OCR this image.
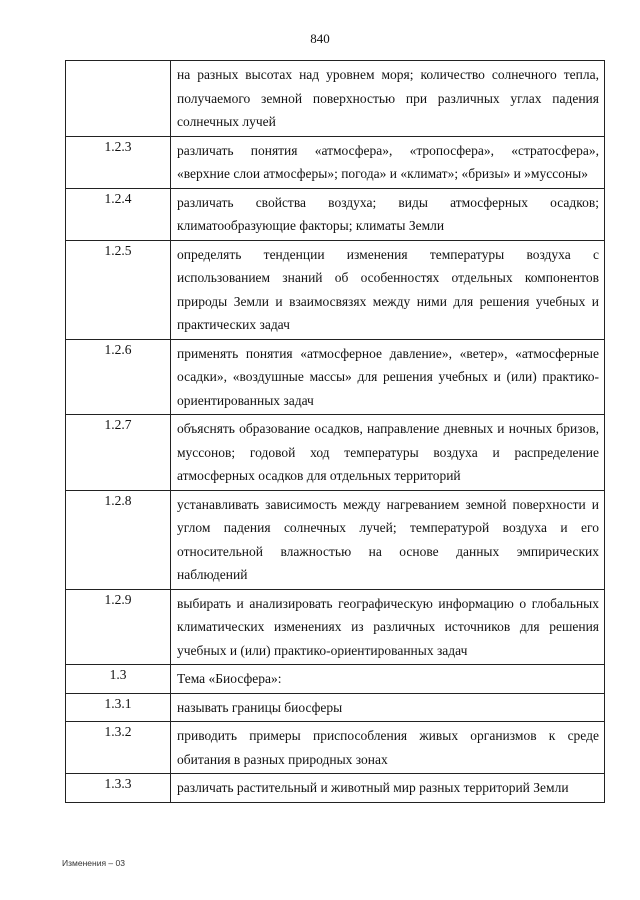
840
	на разных высотах над уровнем моря; количество солнечного тепла, получаемого земной поверхностью при различных углах падения солнечных лучей
1.2.3	различать понятия «атмосфера», «тропосфера», «стратосфера», «верхние слои атмосферы»; погода» и «климат»; «бризы» и »муссоны»
1.2.4	различать свойства воздуха; виды атмосферных осадков; климатообразующие факторы; климаты Земли
1.2.5	определять тенденции изменения температуры воздуха с использованием знаний об особенностях отдельных компонентов природы Земли и взаимосвязях между ними для решения учебных и практических задач
1.2.6	применять понятия «атмосферное давление», «ветер», «атмосферные осадки», «воздушные массы» для решения учебных и (или) практико-ориентированных задач
1.2.7	объяснять образование осадков, направление дневных и ночных бризов, муссонов; годовой ход температуры воздуха и распределение атмосферных осадков для отдельных территорий
1.2.8	устанавливать зависимость между нагреванием земной поверхности и углом падения солнечных лучей; температурой воздуха и его относительной влажностью на основе данных эмпирических наблюдений
1.2.9	выбирать и анализировать географическую информацию о глобальных климатических изменениях из различных источников для решения учебных и (или) практико-ориентированных задач
1.3	Тема «Биосфера»:
1.3.1	называть границы биосферы
1.3.2	приводить примеры приспособления живых организмов к среде обитания в разных природных зонах
1.3.3	различать растительный и животный мир разных территорий Земли
Изменения – 03
